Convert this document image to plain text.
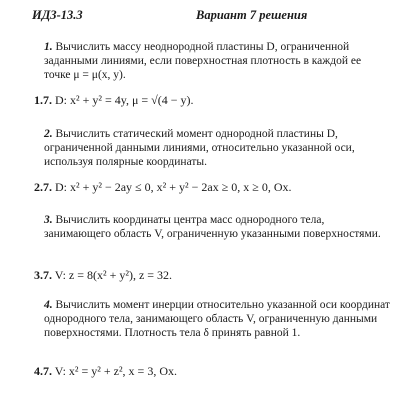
ИДЗ-13.3	Вариант 7 решения
1. Вычислить массу неоднородной пластины D, ограниченной заданными линиями, если поверхностная плотность в каждой ее точке μ = μ(x, y).
1.7. D: x² + y² = 4y, μ = √(4 − y).
2. Вычислить статический момент однородной пластины D, ограниченной данными линиями, относительно указанной оси, используя полярные координаты.
2.7. D: x² + y² − 2ay ≤ 0, x² + y² − 2ax ≥ 0, x ≥ 0, Ox.
3. Вычислить координаты центра масс однородного тела, занимающего область V, ограниченную указанными поверхностями.
3.7. V: z = 8(x² + y²), z = 32.
4. Вычислить момент инерции относительно указанной оси координат однородного тела, занимающего область V, ограниченную данными поверхностями. Плотность тела δ принять равной 1.
4.7. V: x² = y² + z², x = 3, Ox.
